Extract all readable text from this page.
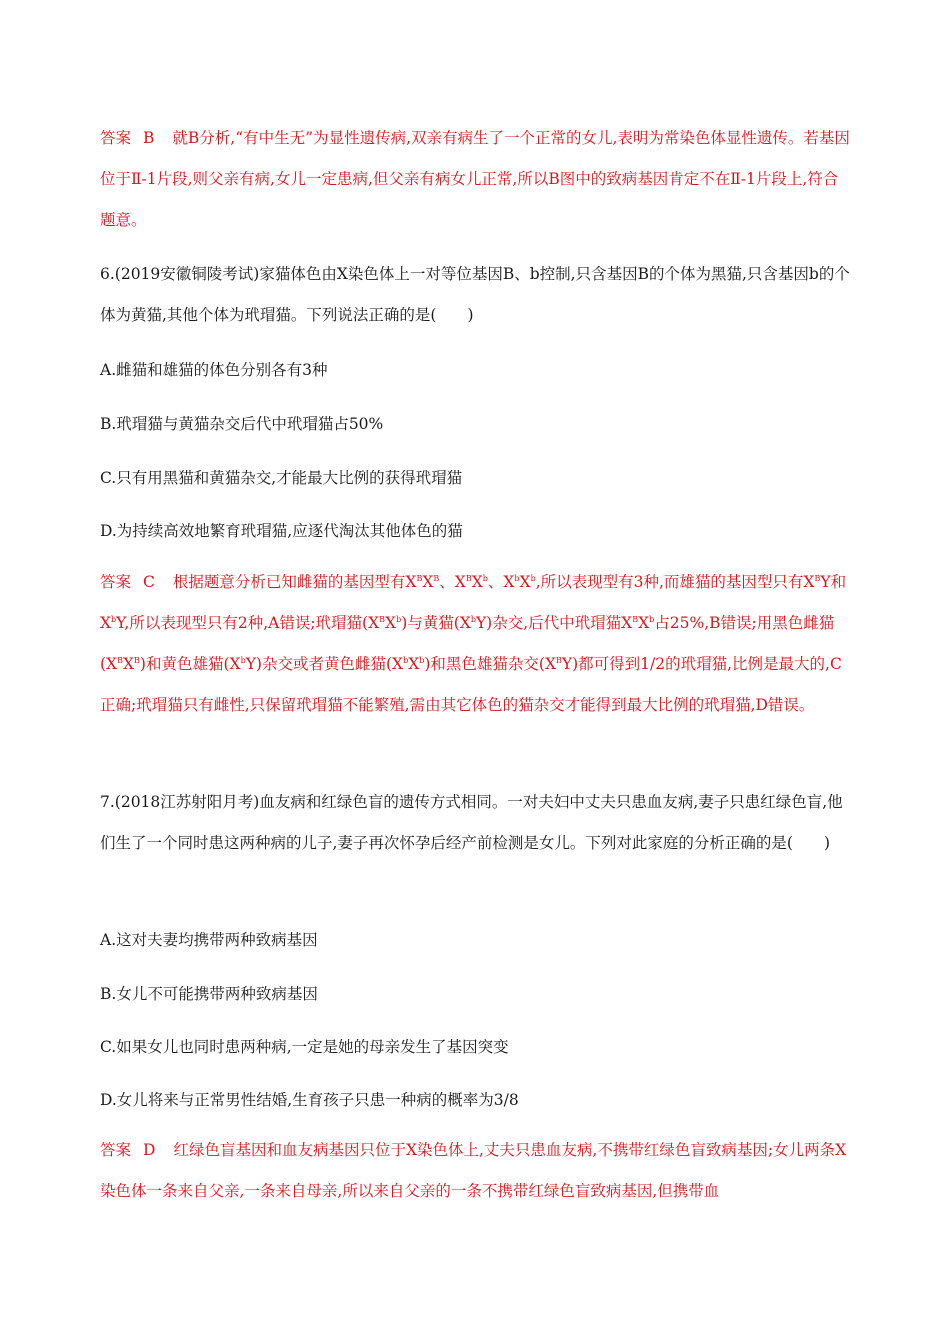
答案 B 就B分析,“有中生无”为显性遗传病,双亲有病生了一个正常的女儿,表明为常染色体显性遗传。若基因位于Ⅱ-1片段,则父亲有病,女儿一定患病,但父亲有病女儿正常,所以B图中的致病基因肯定不在Ⅱ-1片段上,符合题意。
6.(2019安徽铜陵考试)家猫体色由X染色体上一对等位基因B、b控制,只含基因B的个体为黑猫,只含基因b的个体为黄猫,其他个体为玳瑁猫。下列说法正确的是(　　)
A.雌猫和雄猫的体色分别各有3种
B.玳瑁猫与黄猫杂交后代中玳瑁猫占50%
C.只有用黑猫和黄猫杂交,才能最大比例的获得玳瑁猫
D.为持续高效地繁育玳瑁猫,应逐代淘汰其他体色的猫
答案 C 根据题意分析已知雌猫的基因型有$X^BX^B$、$X^BX^b$、$X^bX^b$,所以表现型有3种,而雄猫的基因型只有$X^BY$和$X^bY$,所以表现型只有2种,A错误;玳瑁猫$(X^BX^b)$与黄猫$(X^bY)$杂交,后代中玳瑁猫$X^BX^b$占25%,B错误;用黑色雌猫$(X^BX^B)$和黄色雄猫$(X^bY)$杂交或者黄色雌猫$(X^bX^b)$和黑色雄猫杂交$(X^BY)$都可得到1/2的玳瑁猫,比例是最大的,C正确;玳瑁猫只有雌性,只保留玳瑁猫不能繁殖,需由其它体色的猫杂交才能得到最大比例的玳瑁猫,D错误。
7.(2018江苏射阳月考)血友病和红绿色盲的遗传方式相同。一对夫妇中丈夫只患血友病,妻子只患红绿色盲,他们生了一个同时患这两种病的儿子,妻子再次怀孕后经产前检测是女儿。下列对此家庭的分析正确的是(　　)
A.这对夫妻均携带两种致病基因
B.女儿不可能携带两种致病基因
C.如果女儿也同时患两种病,一定是她的母亲发生了基因突变
D.女儿将来与正常男性结婚,生育孩子只患一种病的概率为3/8
答案 D 红绿色盲基因和血友病基因只位于X染色体上,丈夫只患血友病,不携带红绿色盲致病基因;女儿两条X染色体一条来自父亲,一条来自母亲,所以来自父亲的一条不携带红绿色盲致病基因,但携带血
